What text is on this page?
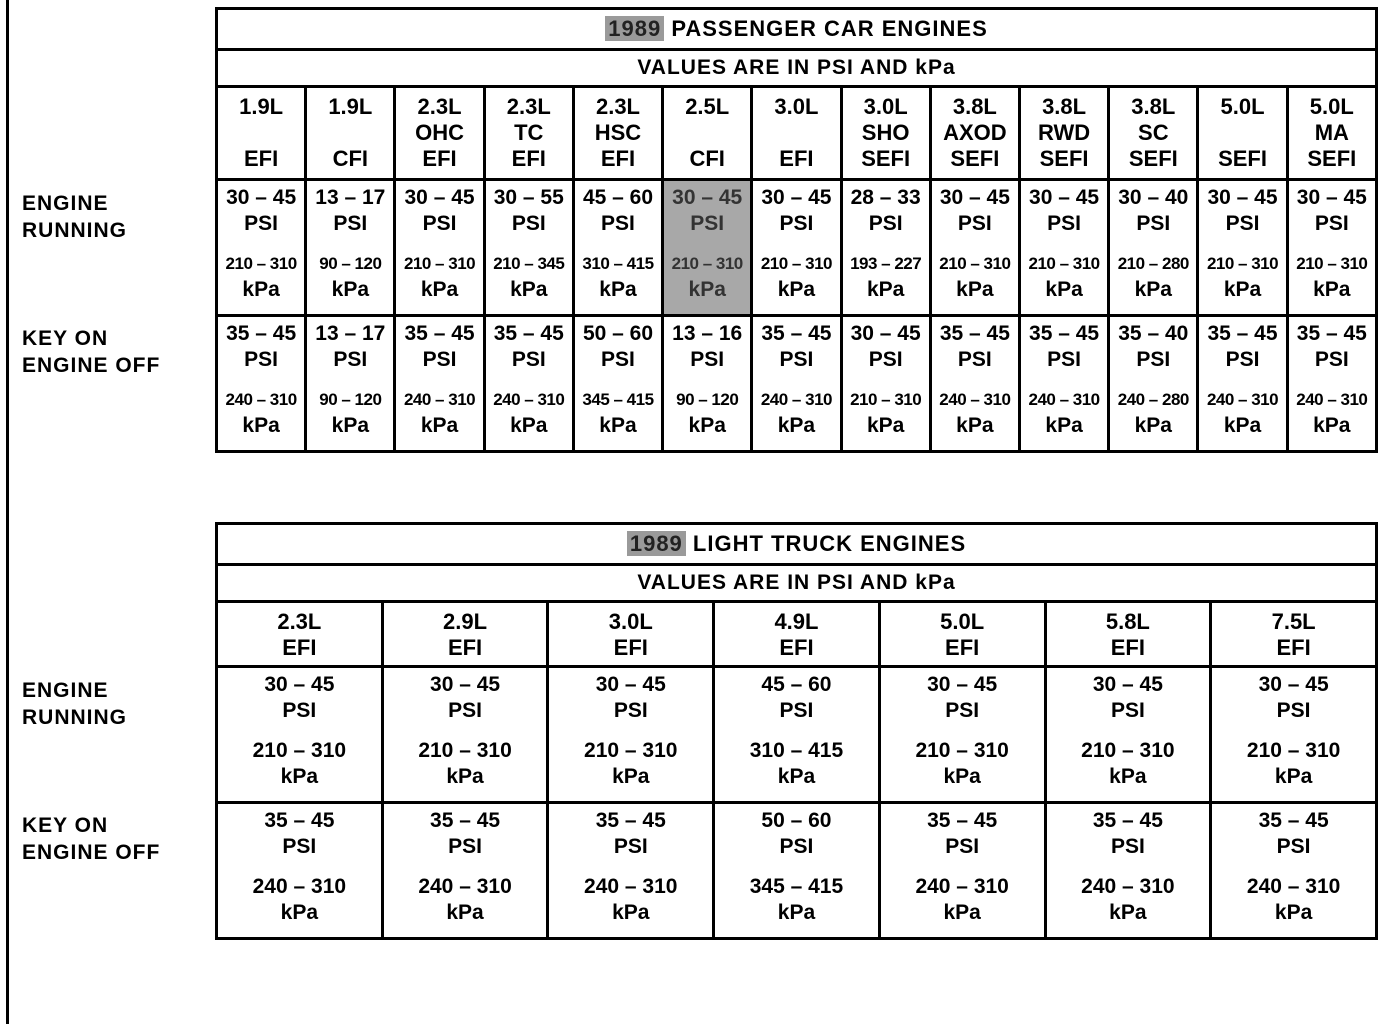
ENGINE
RUNNING
KEY ON
ENGINE OFF
ENGINE
RUNNING
KEY ON
ENGINE OFF
1989 PASSENGER CAR ENGINES												
VALUES ARE IN PSI AND kPa												

1.9L

EFI	1.9L

CFI	2.3L
OHC
EFI	2.3L
TC
EFI	2.3L
HSC
EFI	2.5L

CFI	3.0L

EFI	3.0L
SHO
SEFI	3.8L
AXOD
SEFI	3.8L
RWD
SEFI	3.8L
SC
SEFI	5.0L

SEFI	5.0L
MA
SEFI

30 – 45
PSI
210 – 310
kPa	13 – 17
PSI
90 – 120
kPa	30 – 45
PSI
210 – 310
kPa	30 – 55
PSI
210 – 345
kPa	45 – 60
PSI
310 – 415
kPa	30 – 45
PSI
210 – 310
kPa	30 – 45
PSI
210 – 310
kPa	28 – 33
PSI
193 – 227
kPa	30 – 45
PSI
210 – 310
kPa	30 – 45
PSI
210 – 310
kPa	30 – 40
PSI
210 – 280
kPa	30 – 45
PSI
210 – 310
kPa	30 – 45
PSI
210 – 310
kPa

35 – 45
PSI
240 – 310
kPa	13 – 17
PSI
90 – 120
kPa	35 – 45
PSI
240 – 310
kPa	35 – 45
PSI
240 – 310
kPa	50 – 60
PSI
345 – 415
kPa	13 – 16
PSI
90 – 120
kPa	35 – 45
PSI
240 – 310
kPa	30 – 45
PSI
210 – 310
kPa	35 – 45
PSI
240 – 310
kPa	35 – 45
PSI
240 – 310
kPa	35 – 40
PSI
240 – 280
kPa	35 – 45
PSI
240 – 310
kPa	35 – 45
PSI
240 – 310
kPa
1989 LIGHT TRUCK ENGINES						
VALUES ARE IN PSI AND kPa						

2.3L
EFI	2.9L
EFI	3.0L
EFI	4.9L
EFI	5.0L
EFI	5.8L
EFI	7.5L
EFI

30 – 45
PSI
210 – 310
kPa	30 – 45
PSI
210 – 310
kPa	30 – 45
PSI
210 – 310
kPa	45 – 60
PSI
310 – 415
kPa	30 – 45
PSI
210 – 310
kPa	30 – 45
PSI
210 – 310
kPa	30 – 45
PSI
210 – 310
kPa

35 – 45
PSI
240 – 310
kPa	35 – 45
PSI
240 – 310
kPa	35 – 45
PSI
240 – 310
kPa	50 – 60
PSI
345 – 415
kPa	35 – 45
PSI
240 – 310
kPa	35 – 45
PSI
240 – 310
kPa	35 – 45
PSI
240 – 310
kPa
